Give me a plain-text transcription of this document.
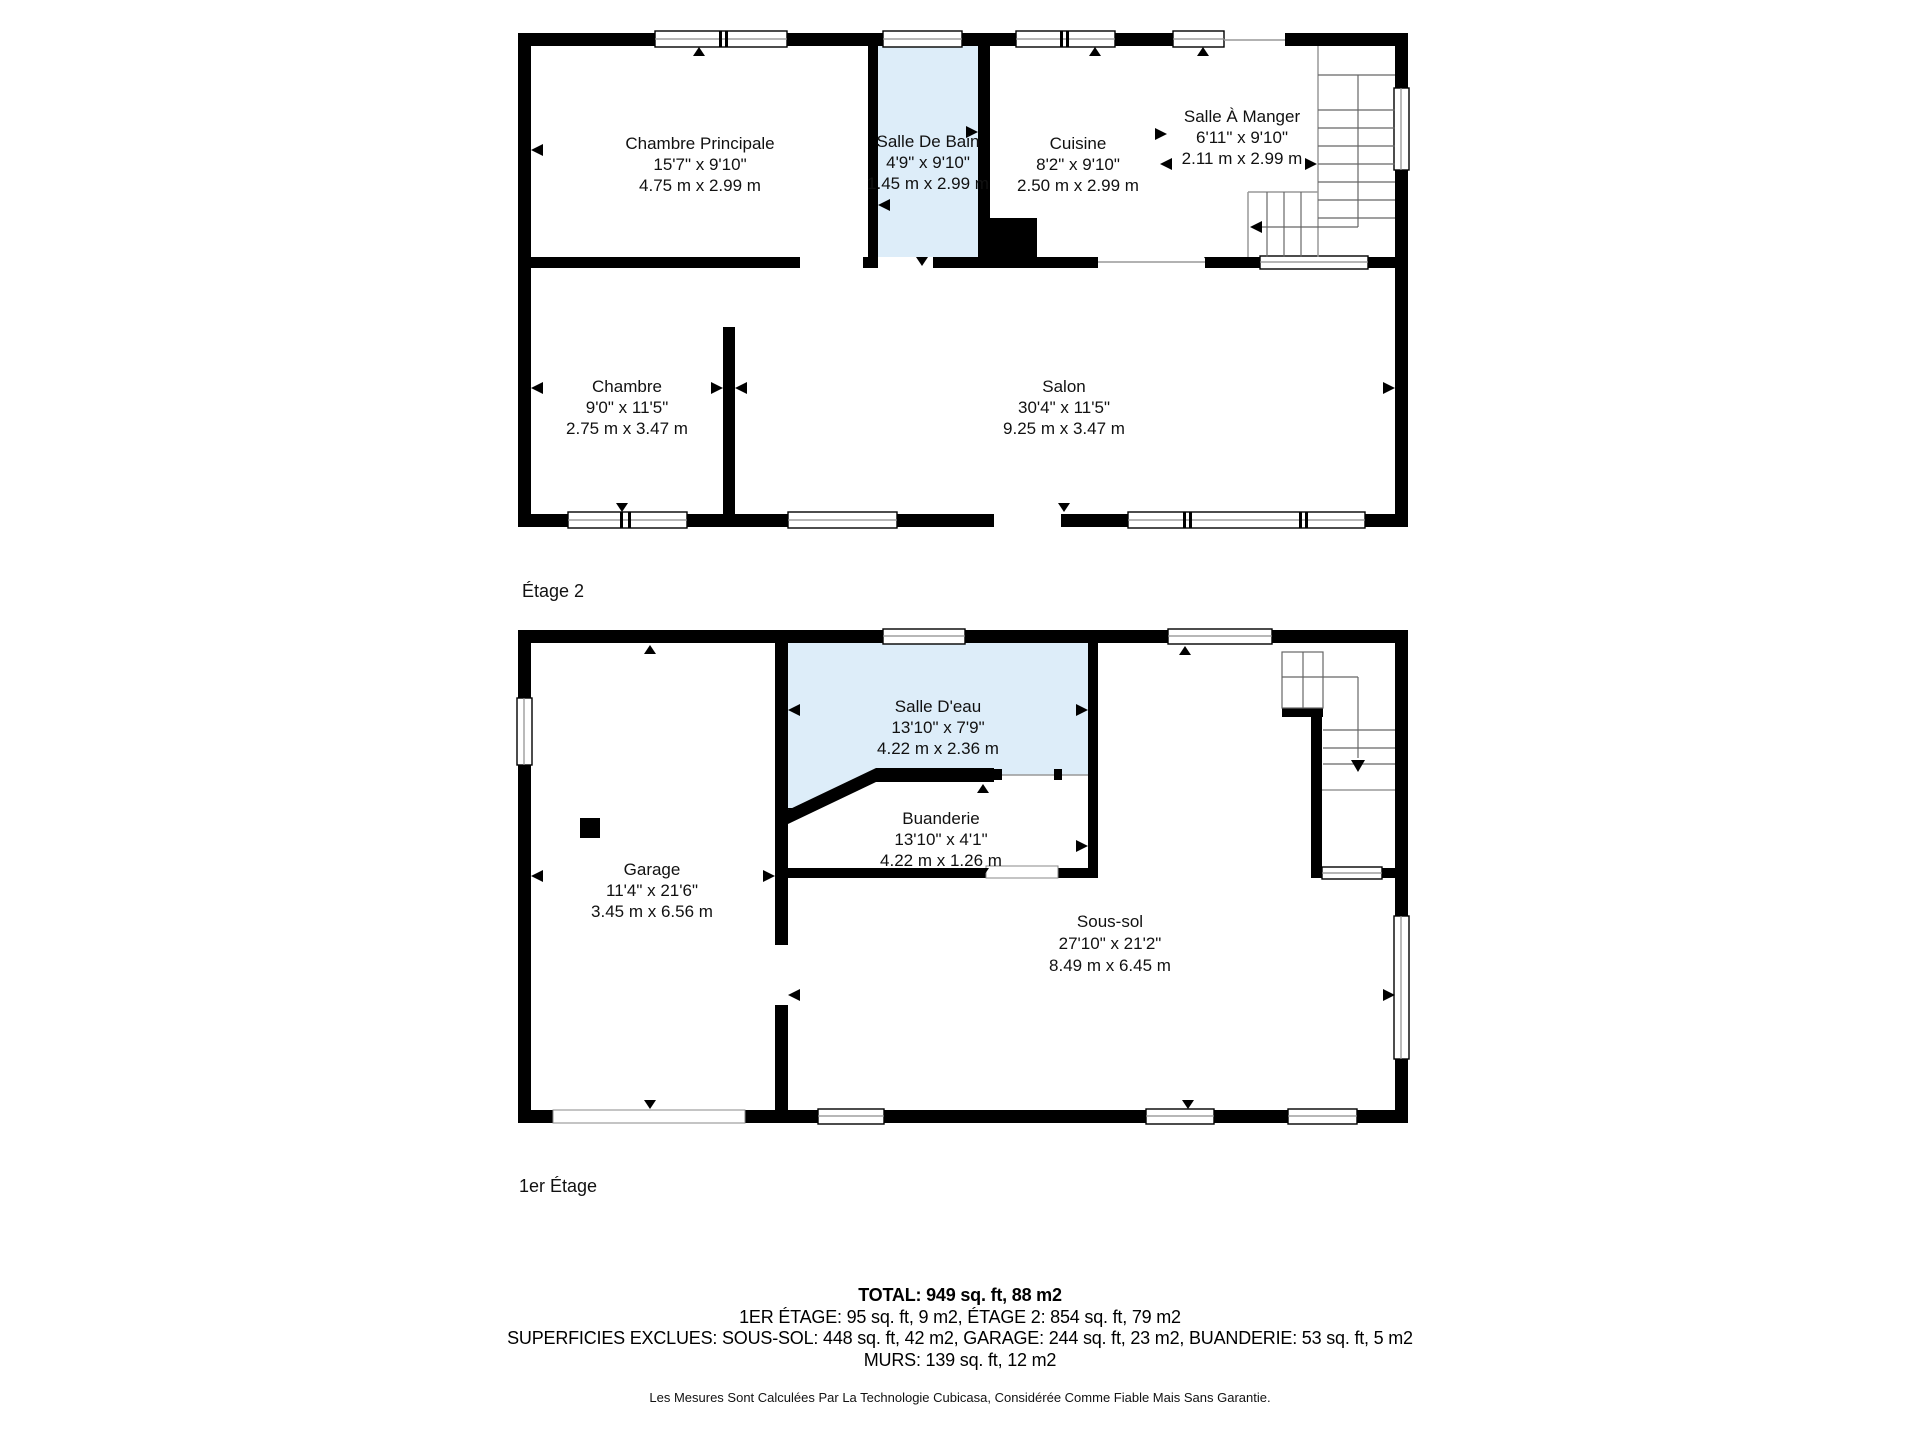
Chambre Principale
15'7" x 9'10"
4.75 m x 2.99 m
Salle De Bain
4'9" x 9'10"
1.45 m x 2.99 m
Cuisine
8'2" x 9'10"
2.50 m x 2.99 m
Salle À Manger
6'11" x 9'10"
2.11 m x 2.99 m
Chambre
9'0" x 11'5"
2.75 m x 3.47 m
Salon
30'4" x 11'5"
9.25 m x 3.47 m
Étage 2
Salle D'eau
13'10" x 7'9"
4.22 m x 2.36 m
Buanderie
13'10" x 4'1"
4.22 m x 1.26 m
Garage
11'4" x 21'6"
3.45 m x 6.56 m
Sous-sol
27'10" x 21'2"
8.49 m x 6.45 m
1er Étage
TOTAL: 949 sq. ft, 88 m2
1ER ÉTAGE: 95 sq. ft, 9 m2, ÉTAGE 2: 854 sq. ft, 79 m2
SUPERFICIES EXCLUES: SOUS-SOL: 448 sq. ft, 42 m2, GARAGE: 244 sq. ft, 23 m2, BUANDERIE: 53 sq. ft, 5 m2
MURS: 139 sq. ft, 12 m2
Les Mesures Sont Calculées Par La Technologie Cubicasa, Considérée Comme Fiable Mais Sans Garantie.
